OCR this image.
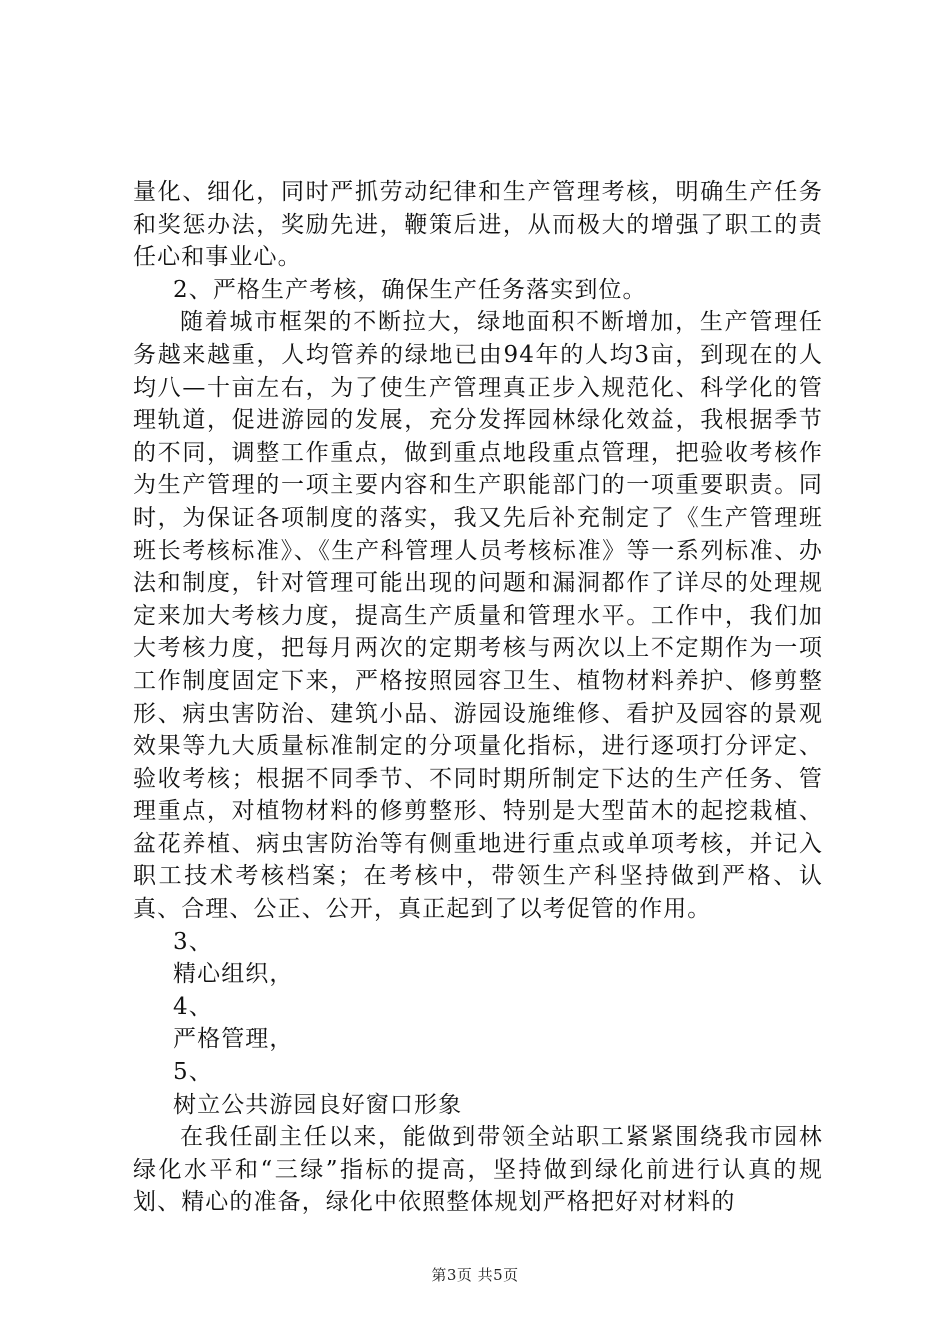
量化、细化，同时严抓劳动纪律和生产管理考核，明确生产任务和奖惩办法，奖励先进，鞭策后进，从而极大的增强了职工的责任心和事业心。

2、严格生产考核，确保生产任务落实到位。

随着城市框架的不断拉大，绿地面积不断增加，生产管理任务越来越重，人均管养的绿地已由94年的人均3亩，到现在的人均八—十亩左右，为了使生产管理真正步入规范化、科学化的管理轨道，促进游园的发展，充分发挥园林绿化效益，我根据季节的不同，调整工作重点，做到重点地段重点管理，把验收考核作为生产管理的一项主要内容和生产职能部门的一项重要职责。同时，为保证各项制度的落实，我又先后补充制定了《生产管理班班长考核标准》、《生产科管理人员考核标准》等一系列标准、办法和制度，针对管理可能出现的问题和漏洞都作了详尽的处理规定来加大考核力度，提高生产质量和管理水平。工作中，我们加大考核力度，把每月两次的定期考核与两次以上不定期作为一项工作制度固定下来，严格按照园容卫生、植物材料养护、修剪整形、病虫害防治、建筑小品、游园设施维修、看护及园容的景观效果等九大质量标准制定的分项量化指标，进行逐项打分评定、验收考核；根据不同季节、不同时期所制定下达的生产任务、管理重点，对植物材料的修剪整形、特别是大型苗木的起挖栽植、盆花养植、病虫害防治等有侧重地进行重点或单项考核，并记入职工技术考核档案；在考核中，带领生产科坚持做到严格、认真、合理、公正、公开，真正起到了以考促管的作用。

3、

精心组织，

4、

严格管理，

5、

树立公共游园良好窗口形象

在我任副主任以来，能做到带领全站职工紧紧围绕我市园林绿化水平和“三绿”指标的提高，坚持做到绿化前进行认真的规划、精心的准备，绿化中依照整体规划严格把好对材料的

第3页 共5页
